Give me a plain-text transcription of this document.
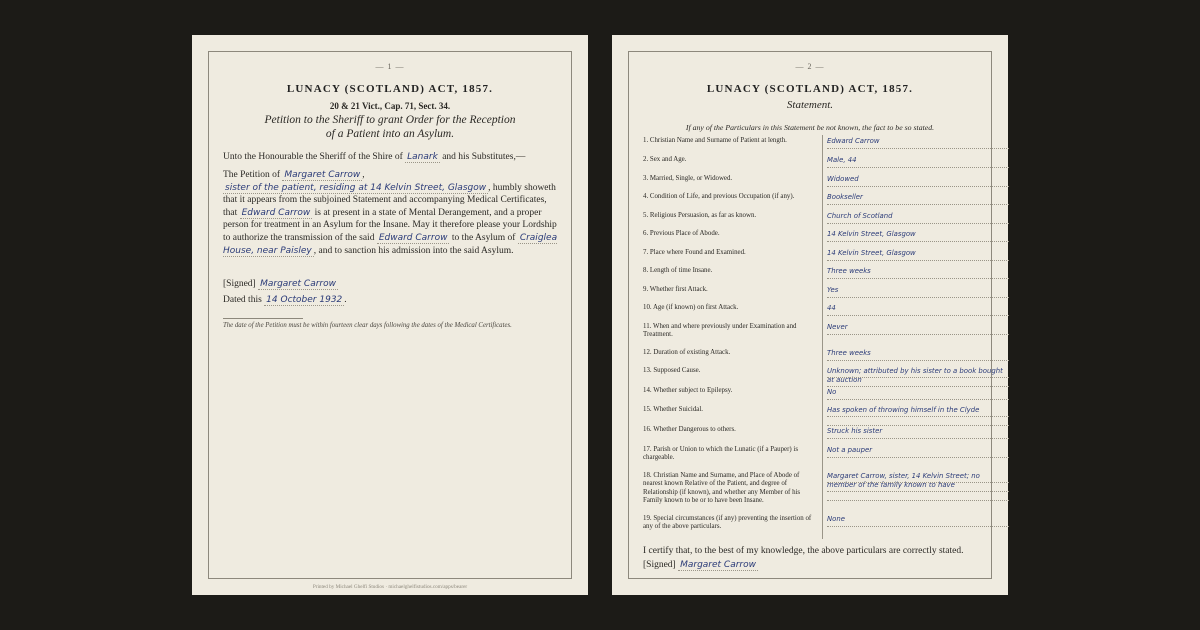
— 1 —
LUNACY (SCOTLAND) ACT, 1857.
20 & 21 Vict., Cap. 71, Sect. 34.
Petition to the Sheriff to grant Order for the Reception
of a Patient into an Asylum.
Unto the Honourable the Sheriff of the Shire of Lanark and his Substitutes,—
The Petition of Margaret Carrow ,
sister of the patient, residing at 14 Kelvin Street, Glasgow , humbly showeth that it appears from the subjoined Statement and accompanying Medical Certificates, that Edward Carrow is at present in a state of Mental Derangement, and a proper person for treatment in an Asylum for the Insane. May it therefore please your Lordship to authorize the transmission of the said Edward Carrow to the Asylum of Craiglea House, near Paisley , and to sanction his admission into the said Asylum.
[Signed] Margaret Carrow
Dated this 14 October 1932 .
The date of the Petition must be within fourteen clear days following the dates of the Medical Certificates.
Printed by Michael Ghelfi Studios · michaelghelfistudios.com/apps/bearer
— 2 —
LUNACY (SCOTLAND) ACT, 1857.
Statement.
If any of the Particulars in this Statement be not known, the fact to be so stated.
1. Christian Name and Surname of Patient at length.	Edward Carrow
2. Sex and Age.	Male, 44
3. Married, Single, or Widowed.	Widowed
4. Condition of Life, and previous Occupation (if any).	Bookseller
5. Religious Persuasion, as far as known.	Church of Scotland
6. Previous Place of Abode.	14 Kelvin Street, Glasgow
7. Place where Found and Examined.	14 Kelvin Street, Glasgow
8. Length of time Insane.	Three weeks
9. Whether first Attack.	Yes
10. Age (if known) on first Attack.	44
11. When and where previously under Examination and Treatment.
Never
12. Duration of existing Attack.	Three weeks
13. Supposed Cause.	Unknown; attributed by his sister to a book bought at auction
14. Whether subject to Epilepsy.	No
15. Whether Suicidal.	Has spoken of throwing himself in the Clyde
16. Whether Dangerous to others.	Struck his sister
17. Parish or Union to which the Lunatic (if a Pauper) is chargeable.
Not a pauper
18. Christian Name and Surname, and Place of Abode of nearest known Relative of the Patient, and degree of Relationship (if known), and whether any Member of his Family known to be or to have been Insane.
Margaret Carrow, sister, 14 Kelvin Street; no member of the family known to have
19. Special circumstances (if any) preventing the insertion of any of the above particulars.
None
I certify that, to the best of my knowledge, the above particulars are correctly stated. [Signed] Margaret Carrow
